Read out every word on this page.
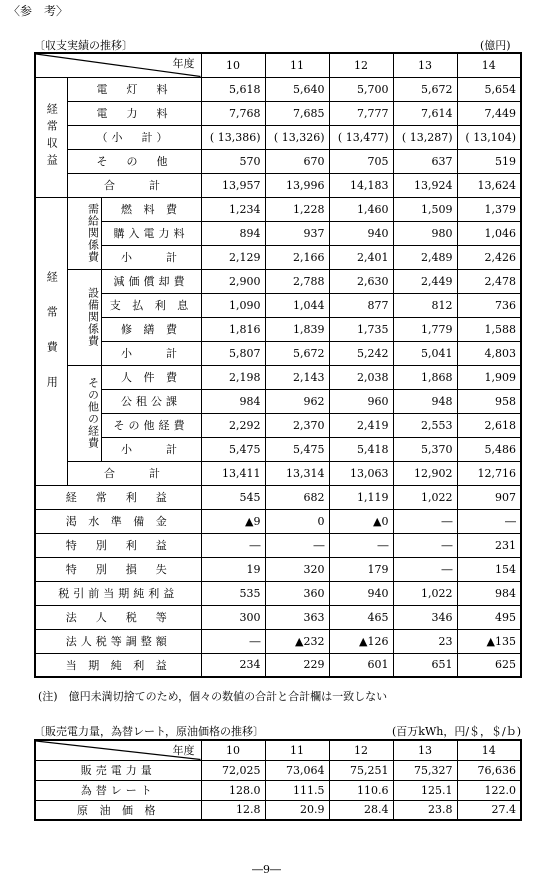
〈参　考〉
〔収支実績の推移〕	(億円)
年度			10	11	12	13	14
経常収益	電　灯　料		5,618	5,640	5,700	5,672	5,654
	電　力　料		7,768	7,685	7,777	7,614	7,449
	（小　計）		( 13,386)	( 13,326)	( 13,477)	( 13,287)	( 13,104)
	そ　の　他		570	670	705	637	519
	合　　計		13,957	13,996	14,183	13,924	13,624
経常費用	需給関係費	燃 料 費	1,234	1,228	1,460	1,509	1,379
		購入電力料	894	937	940	980	1,046
		小　　計	2,129	2,166	2,401	2,489	2,426
	設備関係費	減価償却費	2,900	2,788	2,630	2,449	2,478
		支 払 利 息	1,090	1,044	877	812	736
		修 繕 費	1,816	1,839	1,735	1,779	1,588
		小　　計	5,807	5,672	5,242	5,041	4,803
	その他の経費	人 件 費	2,198	2,143	2,038	1,868	1,909
		公租公課	984	962	960	948	958
		その他経費	2,292	2,370	2,419	2,553	2,618
		小　　計	5,475	5,475	5,418	5,370	5,486
	合　　計		13,411	13,314	13,063	12,902	12,716
経　常　利　益			545	682	1,119	1,022	907
渇 水 準 備 金			▲9	0	▲0	―	―
特　別　利　益			―	―	―	―	231
特　別　損　失			19	320	179	―	154
税引前当期純利益			535	360	940	1,022	984
法　人　税　等			300	363	465	346	495
法人税等調整額			―	▲232	▲126	23	▲135
当 期 純 利 益			234	229	601	651	625
(注)　億円未満切捨てのため，個々の数値の合計と合計欄は一致しない
〔販売電力量，為替レート，原油価格の推移〕	(百万kWh，円/＄，＄/ｂ)
年度	10	11	12	13	14
販売電力量	72,025	73,064	75,251	75,327	76,636
為替レート	128.0	111.5	110.6	125.1	122.0
原 油 価 格	12.8	20.9	28.4	23.8	27.4
―9―
